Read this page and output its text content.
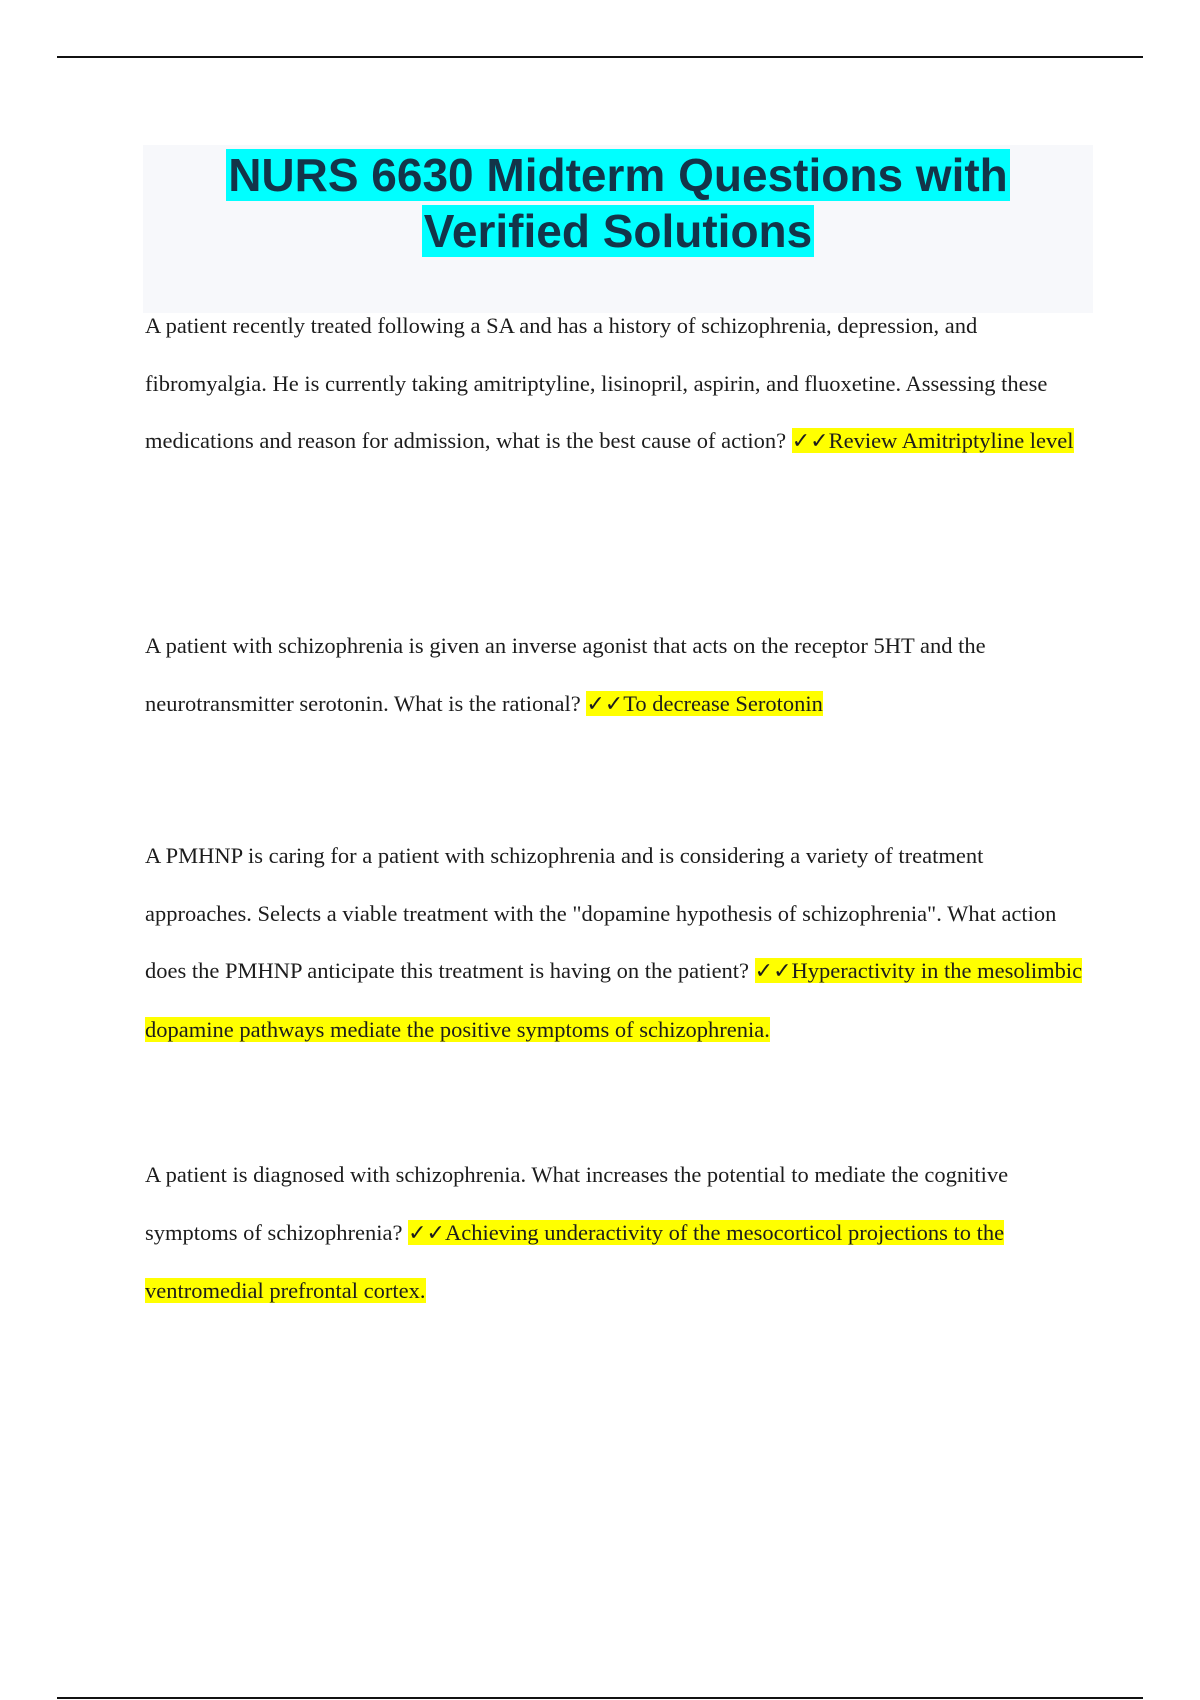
NURS 6630 Midterm Questions with
Verified Solutions

A patient recently treated following a SA and has a history of schizophrenia, depression, and fibromyalgia. He is currently taking amitriptyline, lisinopril, aspirin, and fluoxetine. Assessing these medications and reason for admission, what is the best cause of action? ✓✓Review Amitriptyline level

A patient with schizophrenia is given an inverse agonist that acts on the receptor 5HT and the neurotransmitter serotonin. What is the rational? ✓✓To decrease Serotonin

A PMHNP is caring for a patient with schizophrenia and is considering a variety of treatment approaches. Selects a viable treatment with the "dopamine hypothesis of schizophrenia". What action does the PMHNP anticipate this treatment is having on the patient? ✓✓Hyperactivity in the mesolimbic dopamine pathways mediate the positive symptoms of schizophrenia.

A patient is diagnosed with schizophrenia. What increases the potential to mediate the cognitive symptoms of schizophrenia? ✓✓Achieving underactivity of the mesocorticol projections to the ventromedial prefrontal cortex.
